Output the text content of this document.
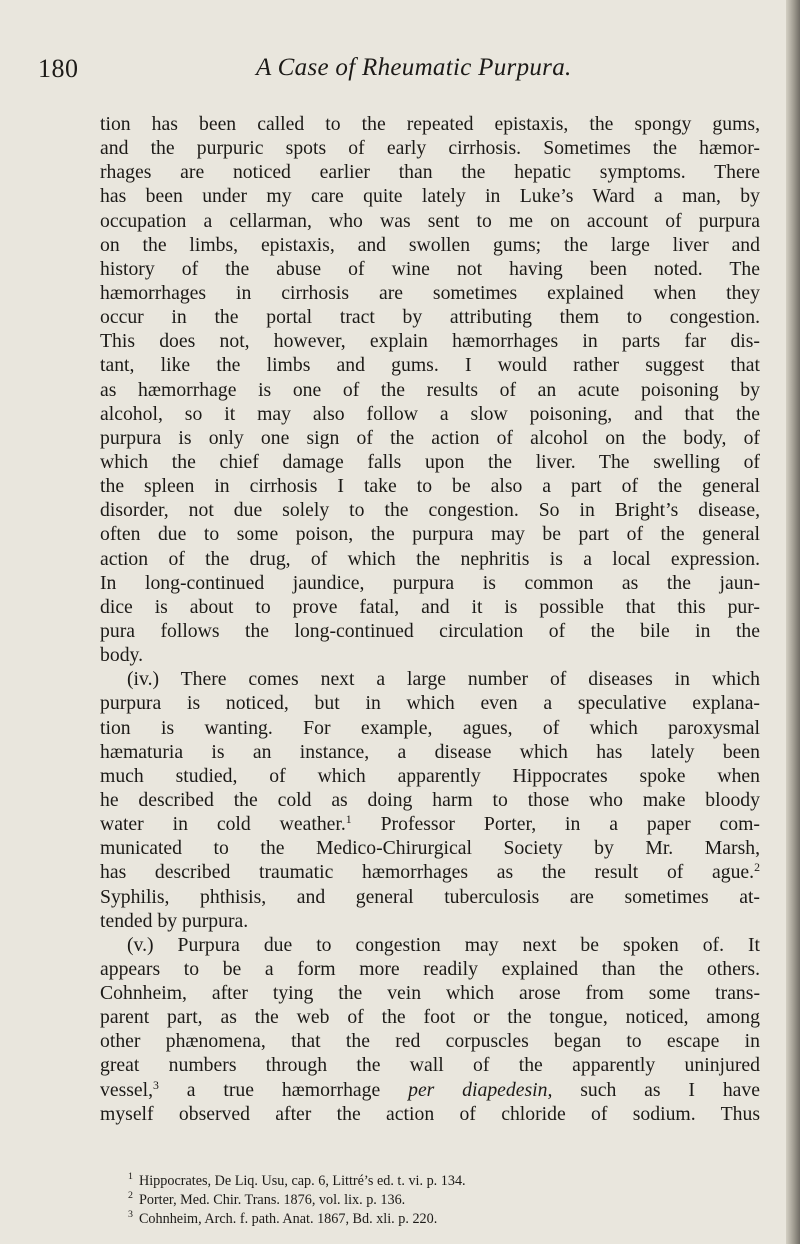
180	A Case of Rheumatic Purpura.
tion has been called to the repeated epistaxis, the spongy gums,
and the purpuric spots of early cirrhosis. Sometimes the hæmor-
rhages are noticed earlier than the hepatic symptoms. There
has been under my care quite lately in Luke’s Ward a man, by
occupation a cellarman, who was sent to me on account of purpura
on the limbs, epistaxis, and swollen gums; the large liver and
history of the abuse of wine not having been noted. The
hæmorrhages in cirrhosis are sometimes explained when they
occur in the portal tract by attributing them to congestion.
This does not, however, explain hæmorrhages in parts far dis-
tant, like the limbs and gums. I would rather suggest that
as hæmorrhage is one of the results of an acute poisoning by
alcohol, so it may also follow a slow poisoning, and that the
purpura is only one sign of the action of alcohol on the body, of
which the chief damage falls upon the liver. The swelling of
the spleen in cirrhosis I take to be also a part of the general
disorder, not due solely to the congestion. So in Bright’s disease,
often due to some poison, the purpura may be part of the general
action of the drug, of which the nephritis is a local expression.
In long-continued jaundice, purpura is common as the jaun-
dice is about to prove fatal, and it is possible that this pur-
pura follows the long-continued circulation of the bile in the
body.
(iv.) There comes next a large number of diseases in which
purpura is noticed, but in which even a speculative explana-
tion is wanting. For example, agues, of which paroxysmal
hæmaturia is an instance, a disease which has lately been
much studied, of which apparently Hippocrates spoke when
he described the cold as doing harm to those who make bloody
water in cold weather.$^1$ Professor Porter, in a paper com-
municated to the Medico-Chirurgical Society by Mr. Marsh,
has described traumatic hæmorrhages as the result of ague.$^2$
Syphilis, phthisis, and general tuberculosis are sometimes at-
tended by purpura.
(v.) Purpura due to congestion may next be spoken of. It
appears to be a form more readily explained than the others.
Cohnheim, after tying the vein which arose from some trans-
parent part, as the web of the foot or the tongue, noticed, among
other phænomena, that the red corpuscles began to escape in
great numbers through the wall of the apparently uninjured
vessel,$^3$ a true hæmorrhage per diapedesin, such as I have
myself observed after the action of chloride of sodium. Thus
$^1$ Hippocrates, De Liq. Usu, cap. 6, Littré’s ed. t. vi. p. 134.
$^2$ Porter, Med. Chir. Trans. 1876, vol. lix. p. 136.
$^3$ Cohnheim, Arch. f. path. Anat. 1867, Bd. xli. p. 220.
